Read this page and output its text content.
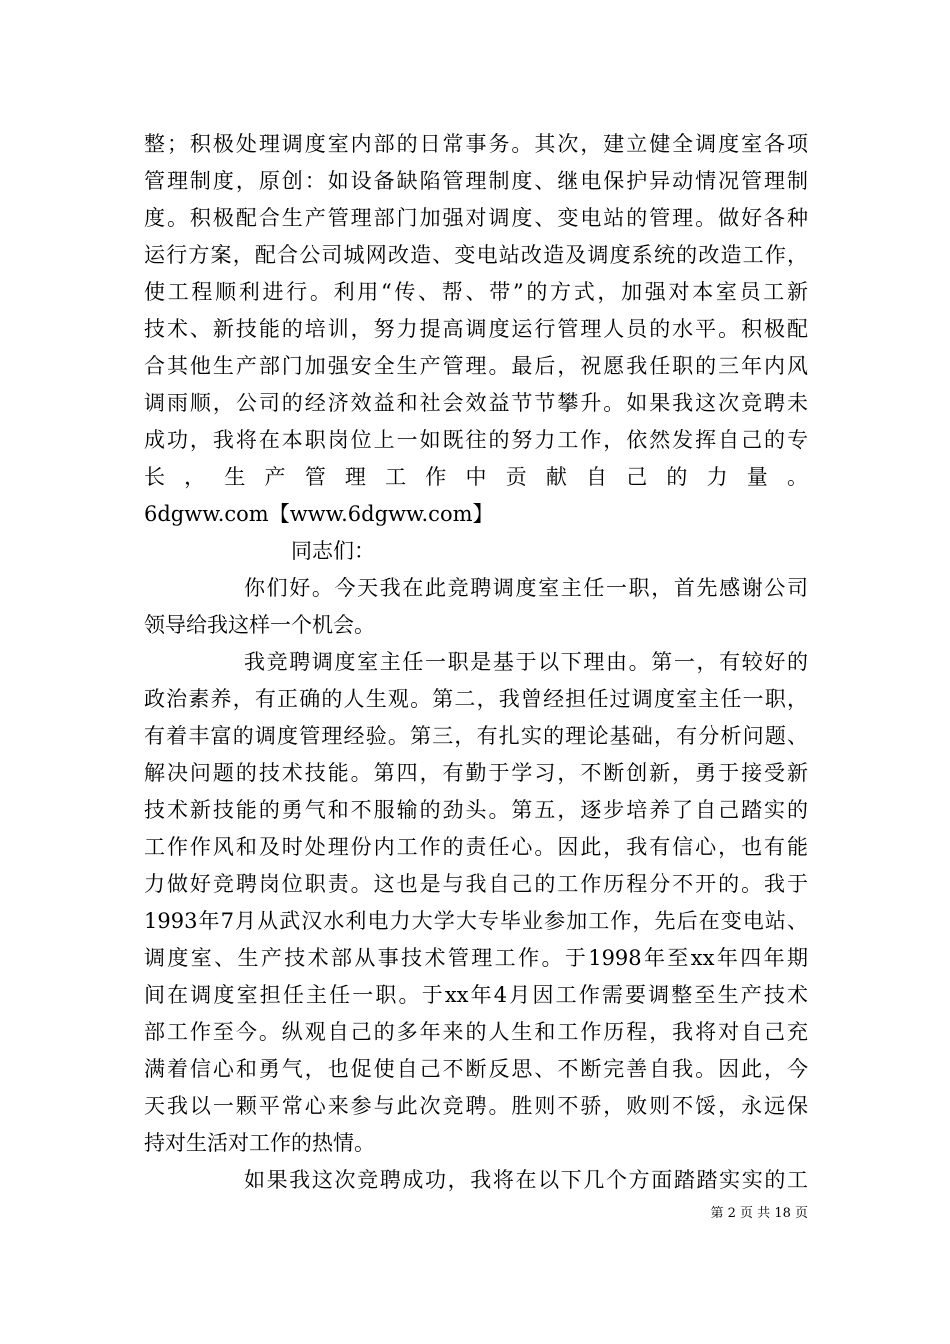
整；积极处理调度室内部的日常事务。其次，建立健全调度室各项
管理制度，原创：如设备缺陷管理制度、继电保护异动情况管理制
度。积极配合生产管理部门加强对调度、变电站的管理。做好各种
运行方案，配合公司城网改造、变电站改造及调度系统的改造工作，
使工程顺利进行。利用“传、帮、带”的方式，加强对本室员工新
技术、新技能的培训，努力提高调度运行管理人员的水平。积极配
合其他生产部门加强安全生产管理。最后，祝愿我任职的三年内风
调雨顺，公司的经济效益和社会效益节节攀升。如果我这次竞聘未
成功，我将在本职岗位上一如既往的努力工作，依然发挥自己的专
长，生产管理工作中贡献自己的力量。
6dgww.com【www.6dgww.com】
同志们：
你们好。今天我在此竞聘调度室主任一职，首先感谢公司
领导给我这样一个机会。
我竞聘调度室主任一职是基于以下理由。第一，有较好的
政治素养，有正确的人生观。第二，我曾经担任过调度室主任一职，
有着丰富的调度管理经验。第三，有扎实的理论基础，有分析问题、
解决问题的技术技能。第四，有勤于学习，不断创新，勇于接受新
技术新技能的勇气和不服输的劲头。第五，逐步培养了自己踏实的
工作作风和及时处理份内工作的责任心。因此，我有信心，也有能
力做好竞聘岗位职责。这也是与我自己的工作历程分不开的。我于
1993年7月从武汉水利电力大学大专毕业参加工作，先后在变电站、
调度室、生产技术部从事技术管理工作。于1998年至xx年四年期
间在调度室担任主任一职。于xx年4月因工作需要调整至生产技术
部工作至今。纵观自己的多年来的人生和工作历程，我将对自己充
满着信心和勇气，也促使自己不断反思、不断完善自我。因此，今
天我以一颗平常心来参与此次竞聘。胜则不骄，败则不馁，永远保
持对生活对工作的热情。
如果我这次竞聘成功，我将在以下几个方面踏踏实实的工
第 2 页 共 18 页
